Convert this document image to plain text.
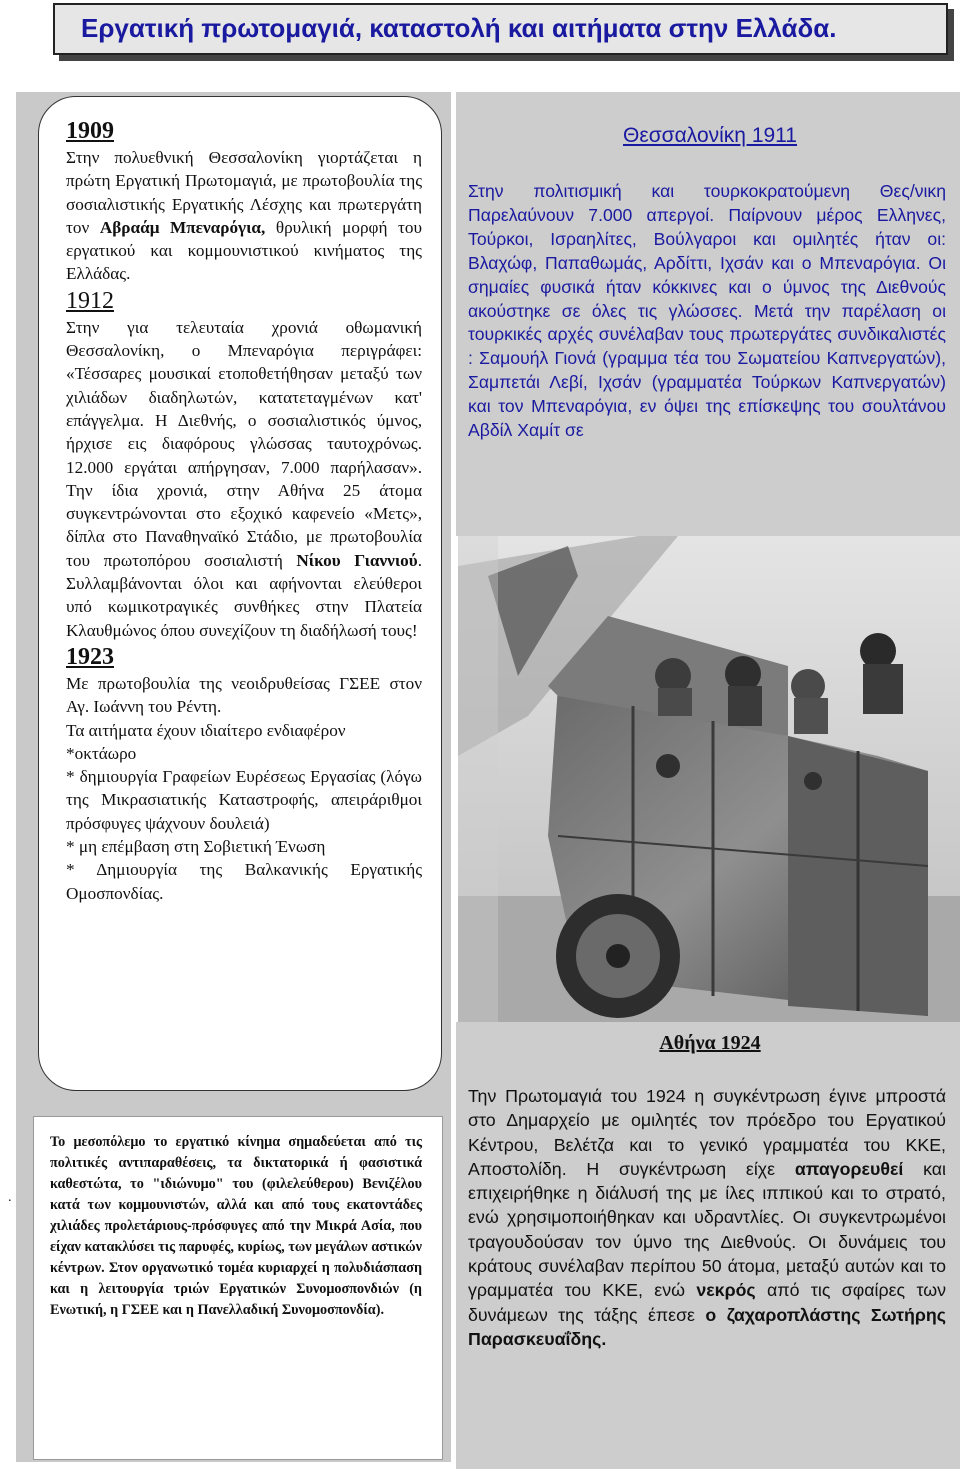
Εργατική πρωτομαγιά, καταστολή και αιτήματα στην Ελλάδα.
1909

Στην πολυεθνική Θεσσαλονίκη γιορτάζεται η πρώτη Εργατική Πρωτομαγιά, με πρωτοβουλία της σοσιαλιστικής Εργατικής Λέσχης και πρωτεργάτη τον Αβραάμ Μπεναρόγια, θρυλική μορφή του εργατικού και κομμουνιστικού κινήματος της Ελλάδας.

1912

Στην για τελευταία χρονιά οθωμανική Θεσσαλονίκη, ο Μπεναρόγια περιγράφει: «Τέσσαρες μουσικαί ετοποθετήθησαν μεταξύ των χιλιάδων διαδηλωτών, κατατεταγμένων κατ' επάγγελμα. Η Διεθνής, ο σοσιαλιστικός ύμνος, ήρχισε εις διαφόρους γλώσσας ταυτοχρόνως. 12.000 εργάται απήργησαν, 7.000 παρήλασαν». Την ίδια χρονιά, στην Αθήνα 25 άτομα συγκεντρώνονται στο εξοχικό καφενείο «Μετς», δίπλα στο Παναθηναϊκό Στάδιο, με πρωτοβουλία του πρωτοπόρου σοσιαλιστή Νίκου Γιαννιού. Συλλαμβάνονται όλοι και αφήνονται ελεύθεροι υπό κωμικοτραγικές συνθήκες στην Πλατεία Κλαυθμώνος όπου συνεχίζουν τη διαδήλωσή τους!

1923

Με πρωτοβουλία της νεοιδρυθείσας ΓΣΕΕ στον Αγ. Ιωάννη του Ρέντη.

Τα αιτήματα έχουν ιδιαίτερο ενδιαφέρον

*οκτάωρο

* δημιουργία Γραφείων Ευρέσεως Εργασίας (λόγω της Μικρασιατικής Καταστροφής, απειράριθμοι πρόσφυγες ψάχνουν δουλειά)

* μη επέμβαση στη Σοβιετική Ένωση

* Δημιουργία της Βαλκανικής Εργατικής Ομοσπονδίας.

.
Το μεσοπόλεμο το εργατικό κίνημα σημαδεύεται από τις πολιτικές αντιπαραθέσεις, τα δικτατορικά ή φασιστικά καθεστώτα, το "ιδιώνυμο" του (φιλελεύθερου) Βενιζέλου κατά των κομμουνιστών, αλλά και από τους εκατοντάδες χιλιάδες προλετάριους-πρόσφυγες από την Μικρά Ασία, που είχαν κατακλύσει τις παρυφές, κυρίως, των μεγάλων αστικών κέντρων. Στον οργανωτικό τομέα κυριαρχεί η πολυδιάσπαση και η λειτουργία τριών Εργατικών Συνομοσπονδιών (η Ενωτική, η ΓΣΕΕ και η Πανελλαδική Συνομοσπονδία).
Θεσσαλονίκη 1911

Στην πολιτισμική και τουρκοκρατούμενη Θες/νικη Παρελαύνουν 7.000 απεργοί. Παίρνουν μέρος Ελληνες, Τούρκοι, Ισραηλίτες, Βούλγαροι και ομιλητές ήταν οι: Βλαχώφ, Παπαθωμάς, Αρδίττι, Ιχσάν και ο Μπεναρόγια. Οι σημαίες φυσικά ήταν κόκκινες και ο ύμνος της Διεθνούς ακούστηκε σε όλες τις γλώσσες. Μετά την παρέλαση οι τουρκικές αρχές συνέλαβαν τους πρωτεργάτες συνδικαλιστές : Σαμουήλ Γιονά (γραμμα τέα του Σωματείου Καπνεργατών), Σαμπετάι Λεβί, Ιχσάν (γραμματέα Τούρκων Καπνεργατών) και τον Μπεναρόγια, εν όψει της επίσκεψης του σουλτάνου Αβδίλ Χαμίτ σε

Αθήνα 1924

Την Πρωτομαγιά του 1924 η συγκέντρωση έγινε μπροστά στο Δημαρχείο με ομιλητές τον πρόεδρο του Εργατικού Κέντρου, Βελέτζα και το γενικό γραμματέα του ΚΚΕ, Αποστολίδη. Η συγκέντρωση είχε απαγορευθεί και επιχειρήθηκε η διάλυσή της με ίλες ιππικού και το στρατό, ενώ χρησιμοποιήθηκαν και υδραντλίες. Οι συγκεντρωμένοι τραγουδούσαν τον ύμνο της Διεθνούς. Οι δυνάμεις του κράτους συνέλαβαν περίπου 50 άτομα, μεταξύ αυτών και το γραμματέα του ΚΚΕ, ενώ νεκρός από τις σφαίρες των δυνάμεων της τάξης έπεσε ο ζαχαροπλάστης Σωτήρης Παρασκευαΐδης.
